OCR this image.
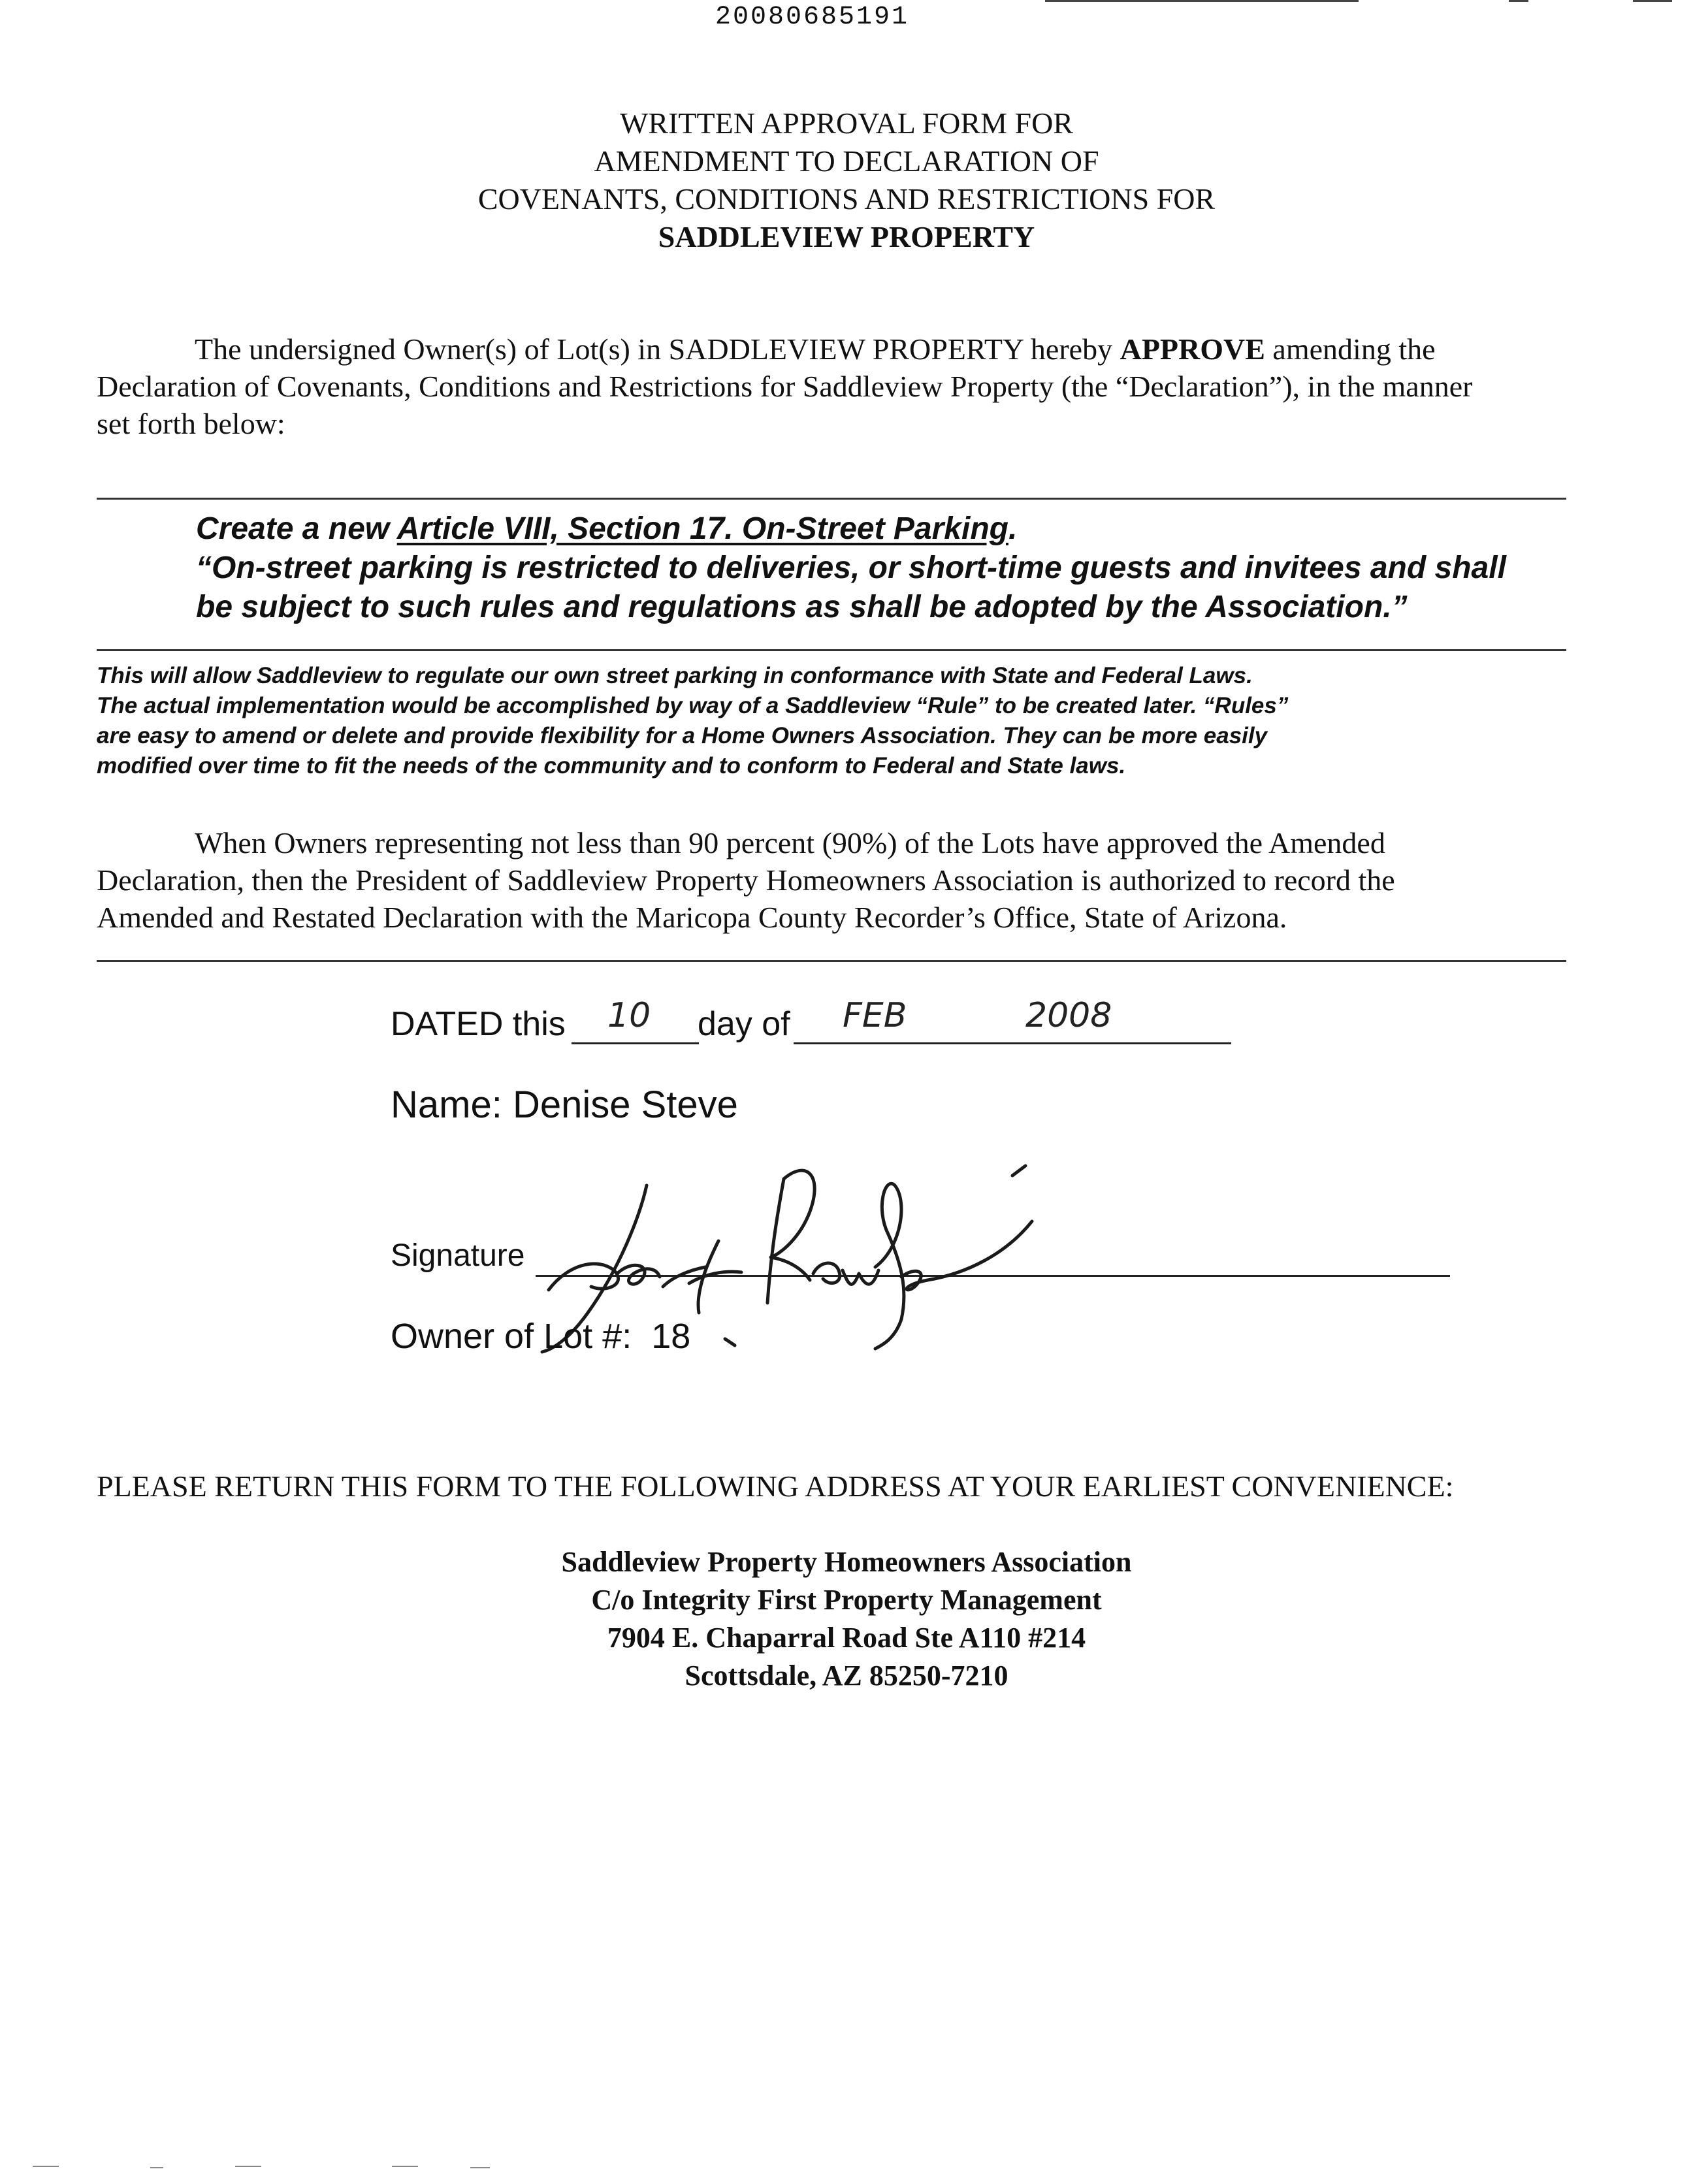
20080685191
WRITTEN APPROVAL FORM FOR
AMENDMENT TO DECLARATION OF
COVENANTS, CONDITIONS AND RESTRICTIONS FOR
SADDLEVIEW PROPERTY
The undersigned Owner(s) of Lot(s) in SADDLEVIEW PROPERTY hereby APPROVE amending the
Declaration of Covenants, Conditions and Restrictions for Saddleview Property (the “Declaration”), in the manner
set forth below:
Create a new Article VIII, Section 17. On-Street Parking.
“On-street parking is restricted to deliveries, or short-time guests and invitees and shall
be subject to such rules and regulations as shall be adopted by the Association.”
This will allow Saddleview to regulate our own street parking in conformance with State and Federal Laws.
The actual implementation would be accomplished by way of a Saddleview “Rule” to be created later. “Rules”
are easy to amend or delete and provide flexibility for a Home Owners Association. They can be more easily
modified over time to fit the needs of the community and to conform to Federal and State laws.
When Owners representing not less than 90 percent (90%) of the Lots have approved the Amended
Declaration, then the President of Saddleview Property Homeowners Association is authorized to record the
Amended and Restated Declaration with the Maricopa County Recorder’s Office, State of Arizona.
DATED this 10 day of FEB	2008
Name: Denise Steve
Signature
Owner of Lot #: 18
PLEASE RETURN THIS FORM TO THE FOLLOWING ADDRESS AT YOUR EARLIEST CONVENIENCE:
Saddleview Property Homeowners Association
C/o Integrity First Property Management
7904 E. Chaparral Road Ste A110 #214
Scottsdale, AZ 85250-7210
